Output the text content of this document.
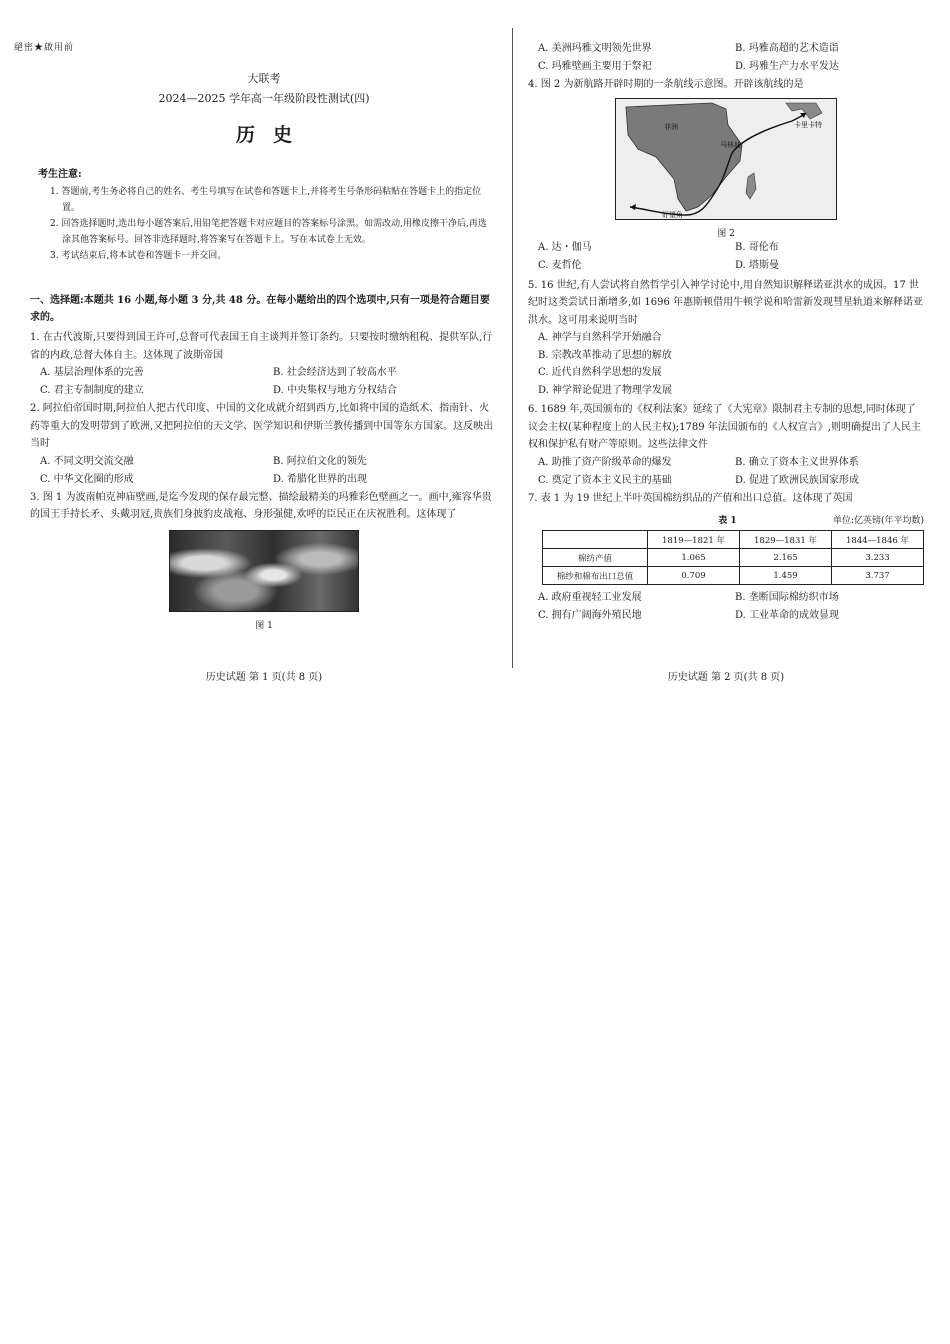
絕密★啟用前
大联考
2024—2025 学年高一年级阶段性测试(四)
历史
考生注意:

1. 答题前,考生务必将自己的姓名、考生号填写在试卷和答题卡上,并将考生号条形码粘贴在答题卡上的指定位置。

2. 回答选择题时,选出每小题答案后,用铅笔把答题卡对应题目的答案标号涂黑。如需改动,用橡皮擦干净后,再选涂其他答案标号。回答非选择题时,将答案写在答题卡上。写在本试卷上无效。

3. 考试结束后,将本试卷和答题卡一并交回。

一、选择题:本题共 16 小题,每小题 3 分,共 48 分。在每小题给出的四个选项中,只有一项是符合题目要求的。

1. 在古代波斯,只要得到国王许可,总督可代表国王自主谈判并签订条约。只要按时缴纳租税、提供军队,行省的内政,总督大体自主。这体现了波斯帝国

A. 基层治理体系的完善	B. 社会经济达到了较高水平
C. 君主专制制度的建立	D. 中央集权与地方分权结合

2. 阿拉伯帝国时期,阿拉伯人把古代印度、中国的文化成就介绍到西方,比如将中国的造纸术、指南针、火药等重大的发明带到了欧洲,又把阿拉伯的天文学、医学知识和伊斯兰教传播到中国等东方国家。这反映出当时

A. 不同文明交流交融	B. 阿拉伯文化的领先
C. 中华文化圈的形成	D. 希腊化世界的出现

3. 图 1 为波南帕克神庙壁画,是迄今发现的保存最完整、描绘最精美的玛雅彩色壁画之一。画中,雍容华贵的国王手持长矛、头戴羽冠,贵族们身披豹皮战袍、身形强健,欢呼的臣民正在庆祝胜利。这体现了

图 1

历史试题 第 1 页(共 8 页)
A. 美洲玛雅文明领先世界	B. 玛雅高超的艺术造诣
C. 玛雅壁画主要用于祭祀	D. 玛雅生产力水平发达

4. 图 2 为新航路开辟时期的一条航线示意图。开辟该航线的是

非洲
马林迪
卡里卡特
好望角

图 2

A. 达・伽马	B. 哥伦布
C. 麦哲伦	D. 塔斯曼

5. 16 世纪,有人尝试将自然哲学引入神学讨论中,用自然知识解释诺亚洪水的成因。17 世纪时这类尝试日渐增多,如 1696 年惠斯顿借用牛顿学说和哈雷新发现彗星轨道来解释诺亚洪水。这可用来说明当时

A. 神学与自然科学开始融合
B. 宗教改革推动了思想的解放
C. 近代自然科学思想的发展
D. 神学辩论促进了物理学发展

6. 1689 年,英国颁布的《权利法案》延续了《大宪章》限制君主专制的思想,同时体现了议会主权(某种程度上的人民主权);1789 年法国颁布的《人权宣言》,则明确提出了人民主权和保护私有财产等原则。这些法律文件

A. 助推了资产阶级革命的爆发	B. 确立了资本主义世界体系
C. 奠定了资本主义民主的基础	D. 促进了欧洲民族国家形成

7. 表 1 为 19 世纪上半叶英国棉纺织品的产值和出口总值。这体现了英国

表 1	单位:亿英镑(年平均数)
	1819—1821 年	1829—1831 年	1844—1846 年
棉纺产值	1.065	2.165	3.233
棉纱和棉布出口总值	0.709	1.459	3.737
A. 政府重视轻工业发展	B. 垄断国际棉纺织市场
C. 拥有广阔海外殖民地	D. 工业革命的成效显现
历史试题 第 2 页(共 8 页)
